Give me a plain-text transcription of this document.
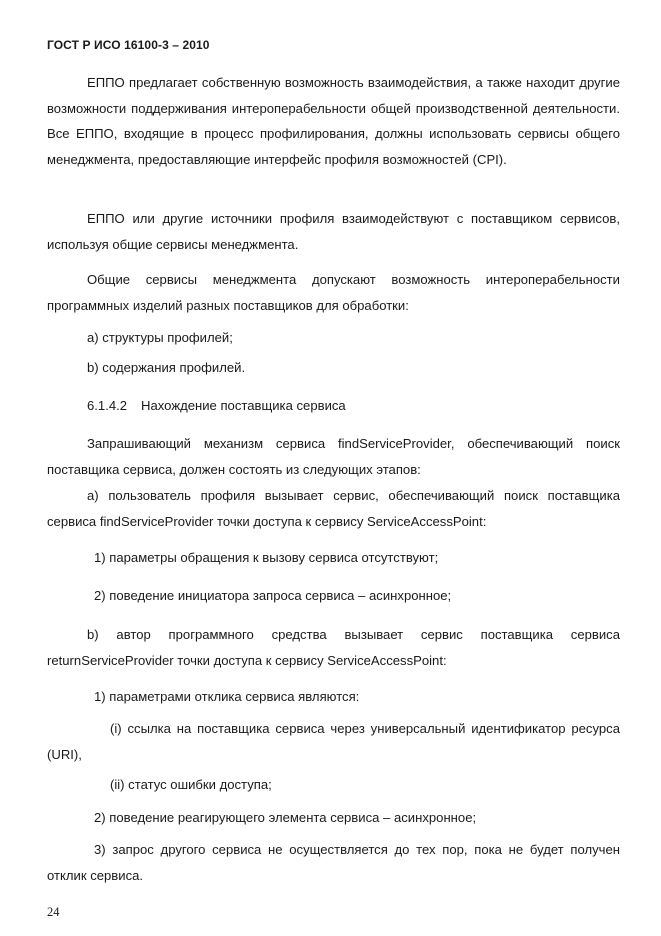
ГОСТ Р ИСО 16100-3 – 2010

ЕППО предлагает собственную возможность взаимодействия, а также находит другие возможности поддерживания интероперабельности общей производственной деятельности. Все ЕППО, входящие в процесс профилирования, должны использовать сервисы общего менеджмента, предоставляющие интерфейс профиля возможностей (CPI).

ЕППО или другие источники профиля взаимодействуют с поставщиком сервисов, используя общие сервисы менеджмента.

Общие сервисы менеджмента допускают возможность интероперабельности программных изделий разных поставщиков для обработки:

a) структуры профилей;
b) содержания профилей.
6.1.4.2 Нахождение поставщика сервиса

Запрашивающий механизм сервиса findServiceProvider, обеспечивающий поиск поставщика сервиса, должен состоять из следующих этапов:

a) пользователь профиля вызывает сервис, обеспечивающий поиск поставщика сервиса findServiceProvider точки доступа к сервису ServiceAccessPoint:

1) параметры обращения к вызову сервиса отсутствуют;
2) поведение инициатора запроса сервиса – асинхронное;

b) автор программного средства вызывает сервис поставщика сервиса returnServiceProvider точки доступа к сервису ServiceAccessPoint:

1) параметрами отклика сервиса являются:

(i) ссылка на поставщика сервиса через универсальный идентификатор ресурса (URI),

(ii) статус ошибки доступа;
2) поведение реагирующего элемента сервиса – асинхронное;

3) запрос другого сервиса не осуществляется до тех пор, пока не будет получен отклик сервиса.

24
